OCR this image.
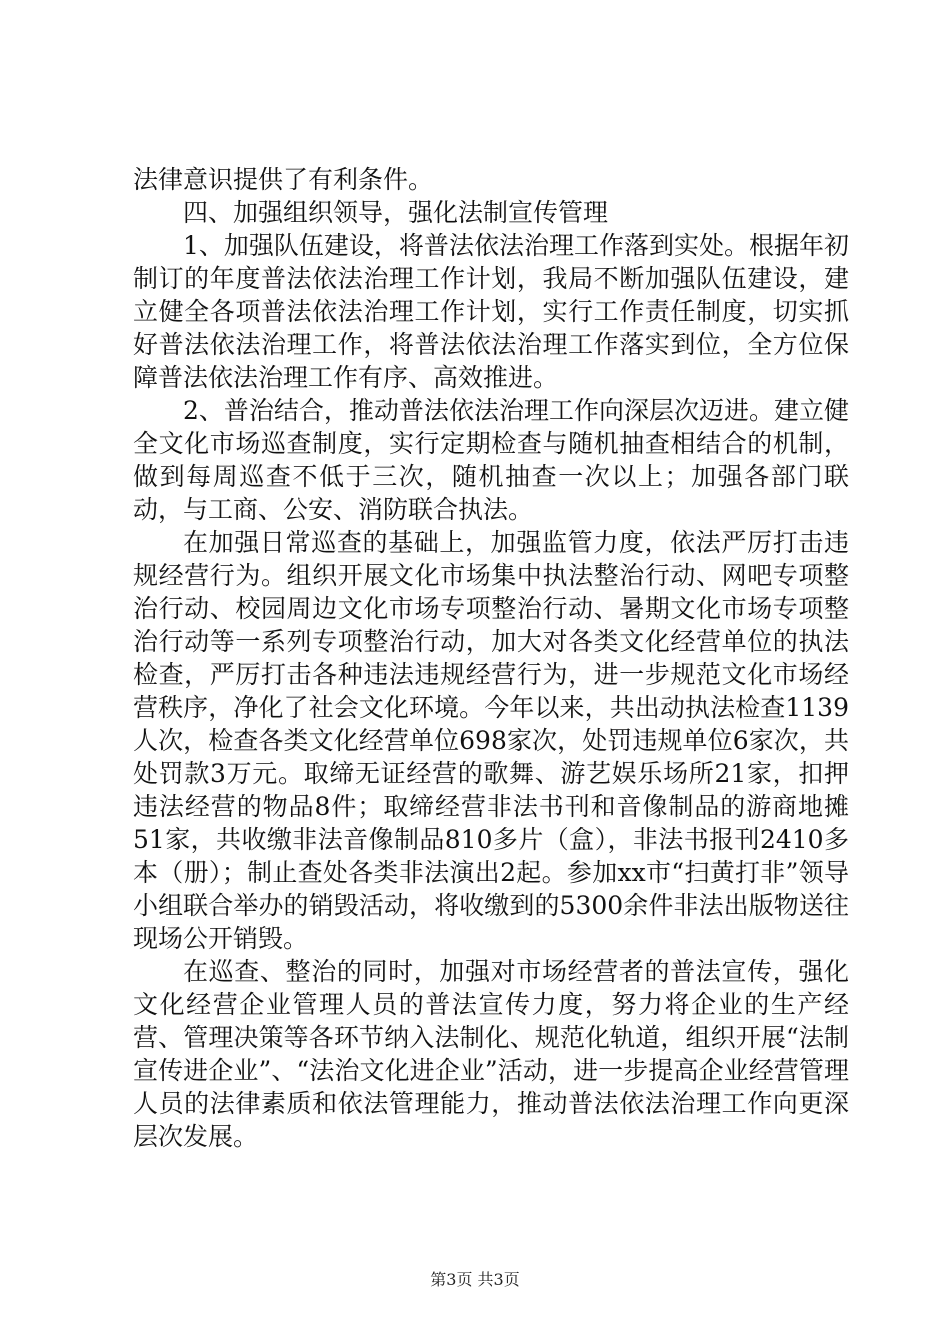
法律意识提供了有利条件。

四、加强组织领导，强化法制宣传管理

1、加强队伍建设，将普法依法治理工作落到实处。根据年初制订的年度普法依法治理工作计划，我局不断加强队伍建设，建立健全各项普法依法治理工作计划，实行工作责任制度，切实抓好普法依法治理工作，将普法依法治理工作落实到位，全方位保障普法依法治理工作有序、高效推进。

2、普治结合，推动普法依法治理工作向深层次迈进。建立健全文化市场巡查制度，实行定期检查与随机抽查相结合的机制，做到每周巡查不低于三次，随机抽查一次以上；加强各部门联动，与工商、公安、消防联合执法。

在加强日常巡查的基础上，加强监管力度，依法严厉打击违规经营行为。组织开展文化市场集中执法整治行动、网吧专项整治行动、校园周边文化市场专项整治行动、暑期文化市场专项整治行动等一系列专项整治行动，加大对各类文化经营单位的执法检查，严厉打击各种违法违规经营行为，进一步规范文化市场经营秩序，净化了社会文化环境。今年以来，共出动执法检查1139人次，检查各类文化经营单位698家次，处罚违规单位6家次，共处罚款3万元。取缔无证经营的歌舞、游艺娱乐场所21家，扣押违法经营的物品8件；取缔经营非法书刊和音像制品的游商地摊51家，共收缴非法音像制品810多片（盒），非法书报刊2410多本（册）；制止查处各类非法演出2起。参加xx市“扫黄打非”领导小组联合举办的销毁活动，将收缴到的5300余件非法出版物送往现场公开销毁。

在巡查、整治的同时，加强对市场经营者的普法宣传，强化文化经营企业管理人员的普法宣传力度，努力将企业的生产经营、管理决策等各环节纳入法制化、规范化轨道，组织开展“法制宣传进企业”、“法治文化进企业”活动，进一步提高企业经营管理人员的法律素质和依法管理能力，推动普法依法治理工作向更深层次发展。

第3页 共3页
